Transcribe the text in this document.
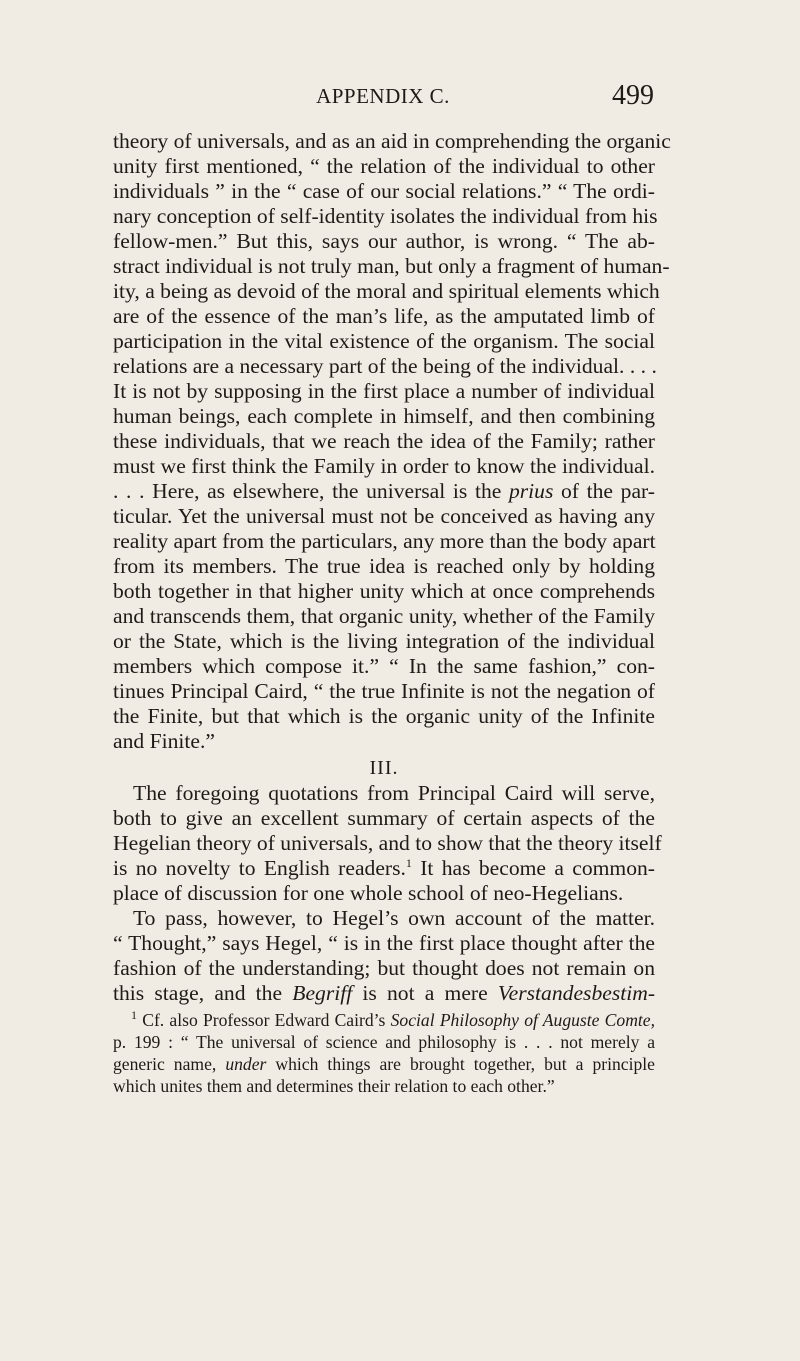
APPENDIX C.	499
theory of universals, and as an aid in comprehending the organic
unity first mentioned, “ the relation of the individual to other
individuals ” in the “ case of our social relations.” “ The ordi-
nary conception of self-identity isolates the individual from his
fellow-men.” But this, says our author, is wrong. “ The ab-
stract individual is not truly man, but only a fragment of human-
ity, a being as devoid of the moral and spiritual elements which
are of the essence of the man’s life, as the amputated limb of
participation in the vital existence of the organism. The social
relations are a necessary part of the being of the individual. . . .
It is not by supposing in the first place a number of individual
human beings, each complete in himself, and then combining
these individuals, that we reach the idea of the Family; rather
must we first think the Family in order to know the individual.
. . . Here, as elsewhere, the universal is the prius of the par-
ticular. Yet the universal must not be conceived as having any
reality apart from the particulars, any more than the body apart
from its members. The true idea is reached only by holding
both together in that higher unity which at once comprehends
and transcends them, that organic unity, whether of the Family
or the State, which is the living integration of the individual
members which compose it.” “ In the same fashion,” con-
tinues Principal Caird, “ the true Infinite is not the negation of
the Finite, but that which is the organic unity of the Infinite
and Finite.”
III.
The foregoing quotations from Principal Caird will serve,
both to give an excellent summary of certain aspects of the
Hegelian theory of universals, and to show that the theory itself
is no novelty to English readers.$^1$ It has become a common-
place of discussion for one whole school of neo-Hegelians.
To pass, however, to Hegel’s own account of the matter.
“ Thought,” says Hegel, “ is in the first place thought after the
fashion of the understanding; but thought does not remain on
this stage, and the Begriff is not a mere Verstandesbestim-
$^1$ Cf. also Professor Edward Caird’s Social Philosophy of Auguste Comte,
p. 199 : “ The universal of science and philosophy is . . . not merely a
generic name, under which things are brought together, but a principle
which unites them and determines their relation to each other.”
